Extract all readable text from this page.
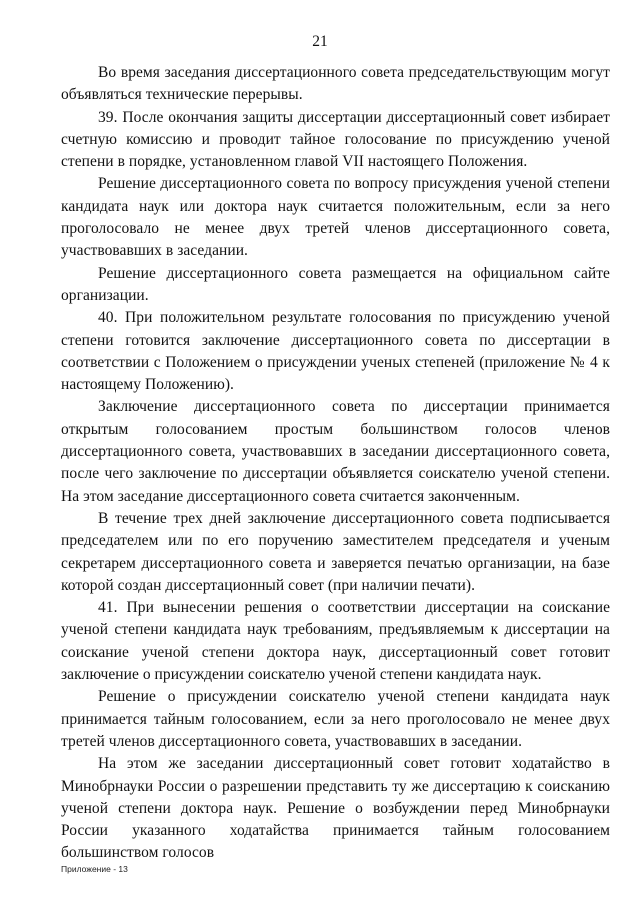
21

Во время заседания диссертационного совета председательствующим могут объявляться технические перерывы.

39. После окончания защиты диссертации диссертационный совет избирает счетную комиссию и проводит тайное голосование по присуждению ученой степени в порядке, установленном главой VII настоящего Положения.

Решение диссертационного совета по вопросу присуждения ученой степени кандидата наук или доктора наук считается положительным, если за него проголосовало не менее двух третей членов диссертационного совета, участвовавших в заседании.

Решение диссертационного совета размещается на официальном сайте организации.

40. При положительном результате голосования по присуждению ученой степени готовится заключение диссертационного совета по диссертации в соответствии с Положением о присуждении ученых степеней (приложение № 4 к настоящему Положению).

Заключение диссертационного совета по диссертации принимается открытым голосованием простым большинством голосов членов диссертационного совета, участвовавших в заседании диссертационного совета, после чего заключение по диссертации объявляется соискателю ученой степени. На этом заседание диссертационного совета считается законченным.

В течение трех дней заключение диссертационного совета подписывается председателем или по его поручению заместителем председателя и ученым секретарем диссертационного совета и заверяется печатью организации, на базе которой создан диссертационный совет (при наличии печати).

41. При вынесении решения о соответствии диссертации на соискание ученой степени кандидата наук требованиям, предъявляемым к диссертации на соискание ученой степени доктора наук, диссертационный совет готовит заключение о присуждении соискателю ученой степени кандидата наук.

Решение о присуждении соискателю ученой степени кандидата наук принимается тайным голосованием, если за него проголосовало не менее двух третей членов диссертационного совета, участвовавших в заседании.

На этом же заседании диссертационный совет готовит ходатайство в Минобрнауки России о разрешении представить ту же диссертацию к соисканию ученой степени доктора наук. Решение о возбуждении перед Минобрнауки России указанного ходатайства принимается тайным голосованием большинством голосов

Приложение - 13
